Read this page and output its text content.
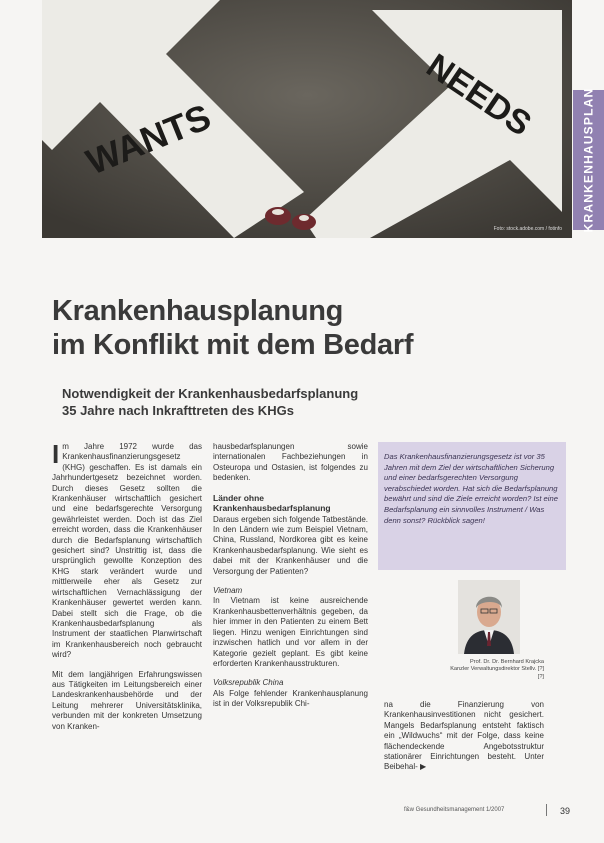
WANTS	NEEDS
Foto: stock.adobe.com / fotinfo KRANKENHAUSPLAN
Krankenhausplanung
im Konflikt mit dem Bedarf
Notwendigkeit der Krankenhausbedarfsplanung
35 Jahre nach Inkrafttreten des KHGs

Im Jahre 1972 wurde das Krankenhausfinanzierungsgesetz (KHG) geschaffen. Es ist damals ein Jahrhundertgesetz bezeichnet worden. Durch dieses Gesetz sollten die Krankenhäuser wirtschaftlich gesichert und eine bedarfsgerechte Versorgung gewährleistet werden. Doch ist das Ziel erreicht worden, dass die Krankenhäuser durch die Bedarfsplanung wirtschaftlich gesichert sind? Unstrittig ist, dass die ursprünglich gewollte Konzeption des KHG stark verändert wurde und mittlerweile eher als Gesetz zur wirtschaftlichen Vernachlässigung der Krankenhäuser gewertet werden kann. Dabei stellt sich die Frage, ob die Krankenhausbedarfsplanung als Instrument der staatlichen Planwirtschaft im Krankenhausbereich noch gebraucht wird?

Mit dem langjährigen Erfahrungswissen aus Tätigkeiten im Leitungsbereich einer Landeskrankenhausbehörde und der Leitung mehrerer Universitätsklinika, verbunden mit der konkreten Umsetzung von Kranken-

hausbedarfsplanungen sowie internationalen Fachbeziehungen in Osteuropa und Ostasien, ist folgendes zu bedenken.

Länder ohne
Krankenhausbedarfsplanung

Daraus ergeben sich folgende Tatbestände. In den Ländern wie zum Beispiel Vietnam, China, Russland, Nordkorea gibt es keine Krankenhausbedarfsplanung. Wie sieht es dabei mit der Krankenhäuser und die Versorgung der Patienten?

Vietnam

In Vietnam ist keine ausreichende Krankenhausbettenverhältnis gegeben, da hier immer in den Patienten zu einem Bett liegen. Hinzu wenigen Einrichtungen sind inzwischen hatlich und vor allem in der Kategorie gezielt geplant. Es gibt keine erforderten Krankenhausstrukturen.

Volksrepublik China

Als Folge fehlender Krankenhausplanung ist in der Volksrepublik Chi-

Das Krankenhausfinanzierungsgesetz ist vor 35 Jahren mit dem Ziel der wirtschaftlichen Sicherung und einer bedarfsgerechten Versorgung verabschiedet worden. Hat sich die Bedarfsplanung bewährt und sind die Ziele erreicht worden? Ist eine Bedarfsplanung ein sinnvolles Instrument / Was denn sonst? Rückblick sagen!
Prof. Dr. Dr. Bernhard Krajcka
Kanzler Verwaltungsdirektor Stellv. [?]
[?]
na die Finanzierung von Krankenhausinvestitionen nicht gesichert. Mangels Bedarfsplanung entsteht faktisch ein „Wildwuchs“ mit der Folge, dass keine flächendeckende Angebotsstruktur stationärer Einrichtungen besteht. Unter Beibehal- ▶
f&w Gesundheitsmanagement 1/2007	39
